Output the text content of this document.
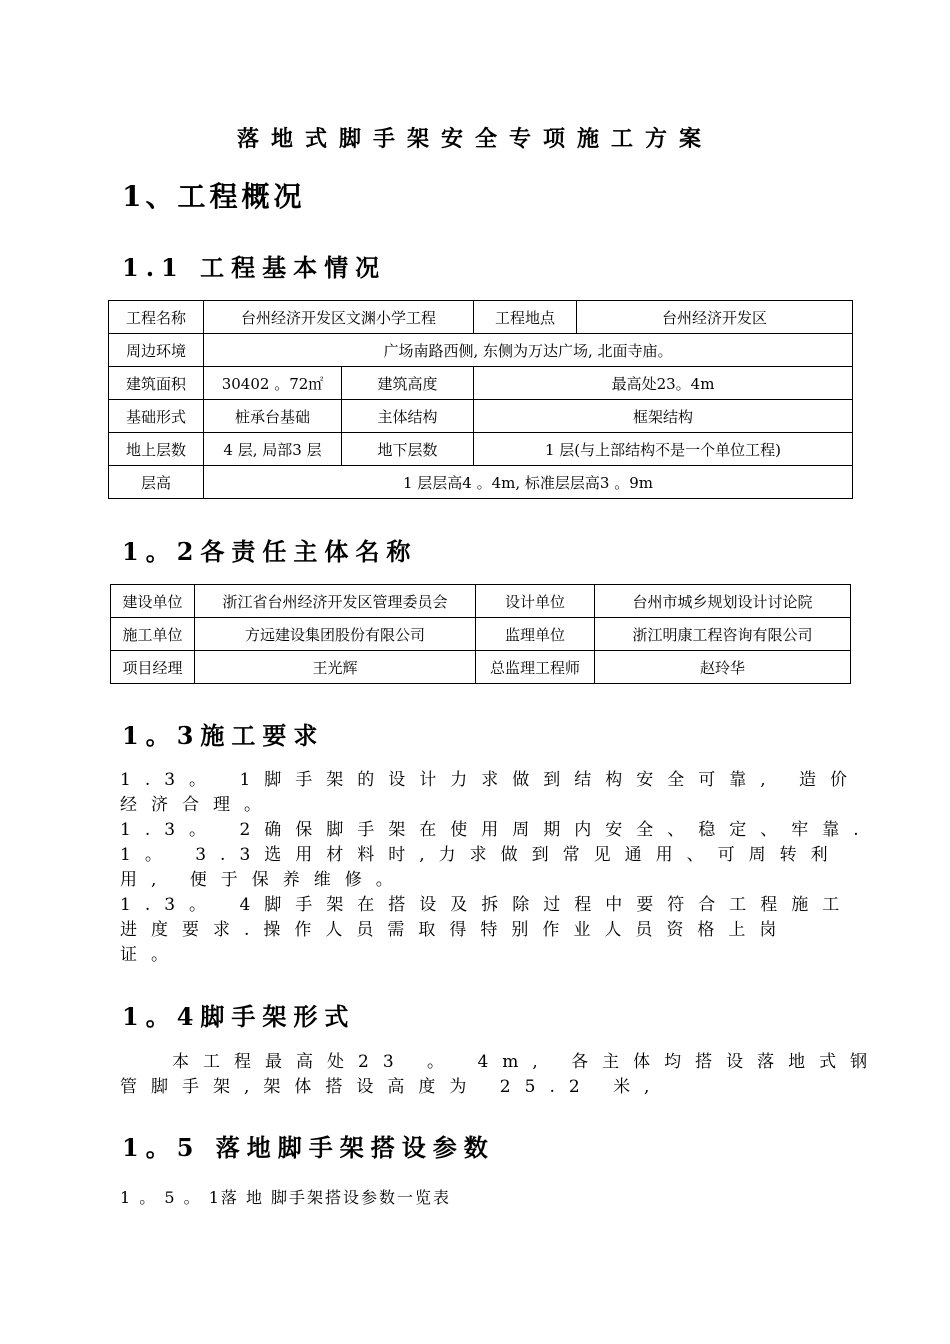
落地式脚手架安全专项施工方案
1、工程概况
1.1 工程基本情况
工程名称	台州经济开发区文渊小学工程		工程地点	台州经济开发区
周边环境	广场南路西侧, 东侧为万达广场, 北面寺庙。			
建筑面积	30402 。72㎡	建筑高度	最高处23。4m	
基础形式	桩承台基础	主体结构	框架结构	
地上层数	4 层, 局部3 层	地下层数	1 层(与上部结构不是一个单位工程)	
层高	1 层层高4 。4m, 标准层层高3 。9m			
1。2各责任主体名称
建设单位	浙江省台州经济开发区管理委员会	设计单位	台州市城乡规划设计讨论院
施工单位	方远建设集团股份有限公司	监理单位	浙江明康工程咨询有限公司
项目经理	王光辉	总监理工程师	赵玲华
1。3施工要求
1.3。 1脚手架的设计力求做到结构安全可靠, 造价
经济合理。
1.3。 2确保脚手架在使用周期内安全、稳定、牢靠.
1。 3.3选用材料时,力求做到常见通用、可周转利
用, 便于保养维修。
1.3。 4脚手架在搭设及拆除过程中要符合工程施工
进度要求.操作人员需取得特别作业人员资格上岗
证。
1。4脚手架形式
本工程最高处23 。 4m, 各主体均搭设落地式钢
管脚手架,架体搭设高度为 25.2 米,
1。5 落地脚手架搭设参数
1 。 5 。 1落 地 脚手架搭设参数一览表
